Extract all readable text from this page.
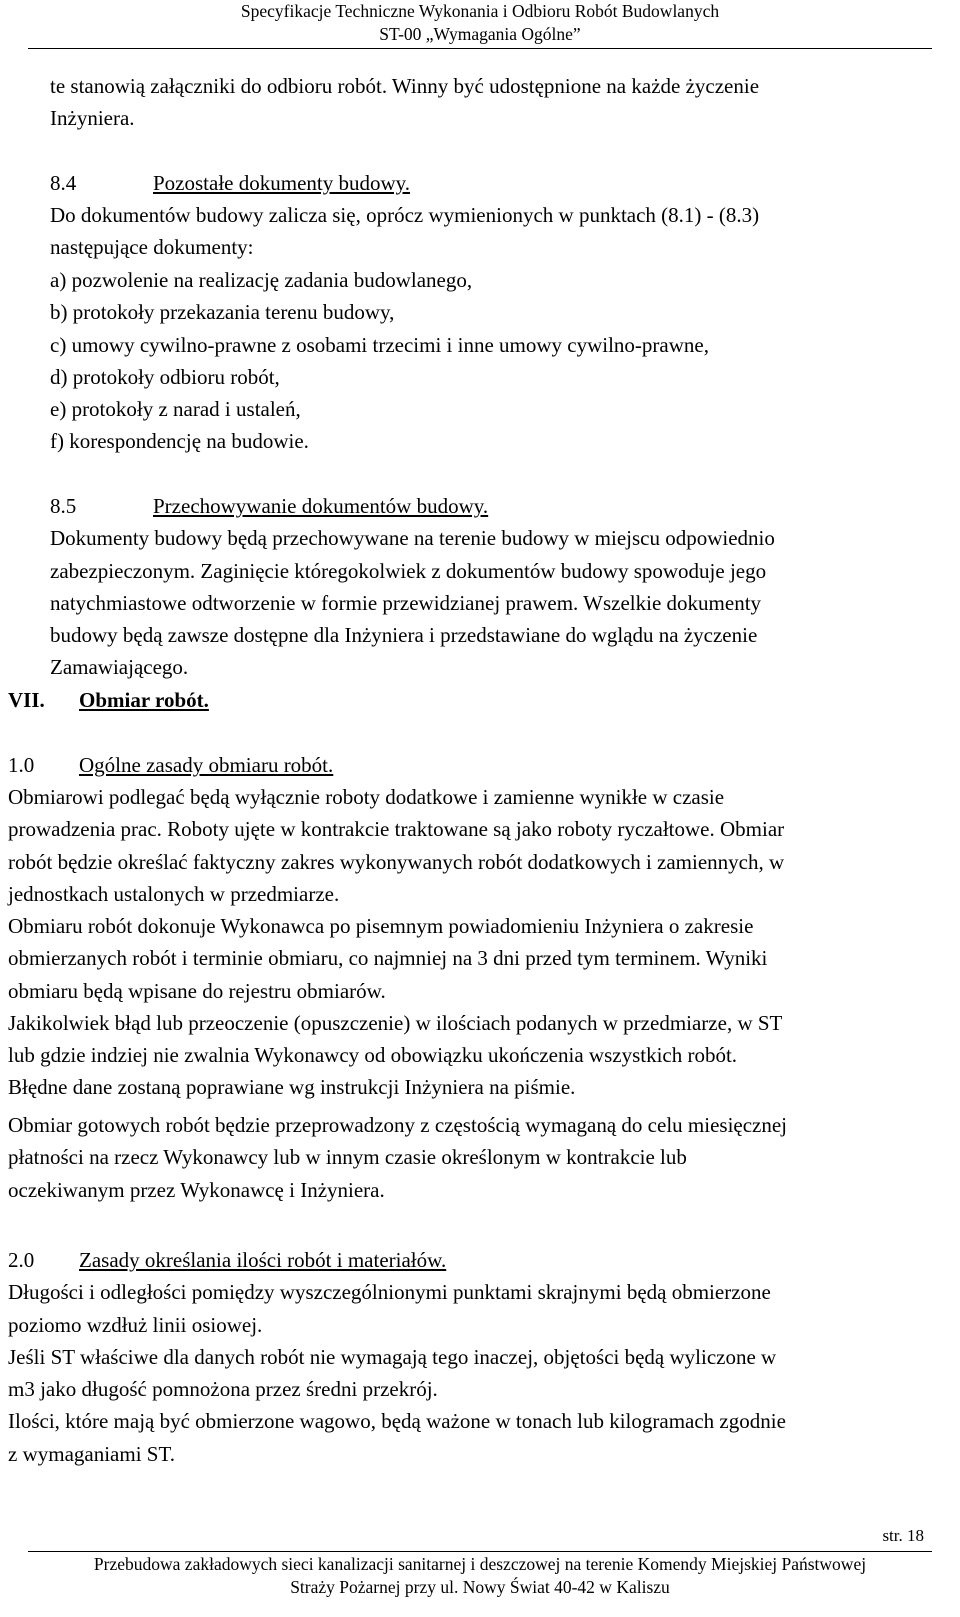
Specyfikacje Techniczne Wykonania i Odbioru Robót Budowlanych
ST-00 „Wymagania Ogólne”
te stanowią załączniki do odbioru robót. Winny być udostępnione na każde życzenie
Inżyniera.
8.4	Pozostałe dokumenty budowy.
Do dokumentów budowy zalicza się, oprócz wymienionych w punktach (8.1) - (8.3)
następujące dokumenty:
a) pozwolenie na realizację zadania budowlanego,
b) protokoły przekazania terenu budowy,
c) umowy cywilno-prawne z osobami trzecimi i inne umowy cywilno-prawne,
d) protokoły odbioru robót,
e) protokoły z narad i ustaleń,
f) korespondencję na budowie.
8.5	Przechowywanie dokumentów budowy.
Dokumenty budowy będą przechowywane na terenie budowy w miejscu odpowiednio
zabezpieczonym. Zaginięcie któregokolwiek z dokumentów budowy spowoduje jego
natychmiastowe odtworzenie w formie przewidzianej prawem. Wszelkie dokumenty
budowy będą zawsze dostępne dla Inżyniera i przedstawiane do wglądu na życzenie
Zamawiającego.
VII. Obmiar robót.
1.0 Ogólne zasady obmiaru robót.
Obmiarowi podlegać będą wyłącznie roboty dodatkowe i zamienne wynikłe w czasie
prowadzenia prac. Roboty ujęte w kontrakcie traktowane są jako roboty ryczałtowe. Obmiar
robót będzie określać faktyczny zakres wykonywanych robót dodatkowych i zamiennych, w
jednostkach ustalonych w przedmiarze.
Obmiaru robót dokonuje Wykonawca po pisemnym powiadomieniu Inżyniera o zakresie
obmierzanych robót i terminie obmiaru, co najmniej na 3 dni przed tym terminem. Wyniki
obmiaru będą wpisane do rejestru obmiarów.
Jakikolwiek błąd lub przeoczenie (opuszczenie) w ilościach podanych w przedmiarze, w ST
lub gdzie indziej nie zwalnia Wykonawcy od obowiązku ukończenia wszystkich robót.
Błędne dane zostaną poprawiane wg instrukcji Inżyniera na piśmie.
Obmiar gotowych robót będzie przeprowadzony z częstością wymaganą do celu miesięcznej
płatności na rzecz Wykonawcy lub w innym czasie określonym w kontrakcie lub
oczekiwanym przez Wykonawcę i Inżyniera.
2.0 Zasady określania ilości robót i materiałów.
Długości i odległości pomiędzy wyszczególnionymi punktami skrajnymi będą obmierzone
poziomo wzdłuż linii osiowej.
Jeśli ST właściwe dla danych robót nie wymagają tego inaczej, objętości będą wyliczone w
m3 jako długość pomnożona przez średni przekrój.
Ilości, które mają być obmierzone wagowo, będą ważone w tonach lub kilogramach zgodnie
z wymaganiami ST.
str. 18
Przebudowa zakładowych sieci kanalizacji sanitarnej i deszczowej na terenie Komendy Miejskiej Państwowej
Straży Pożarnej przy ul. Nowy Świat 40-42 w Kaliszu
